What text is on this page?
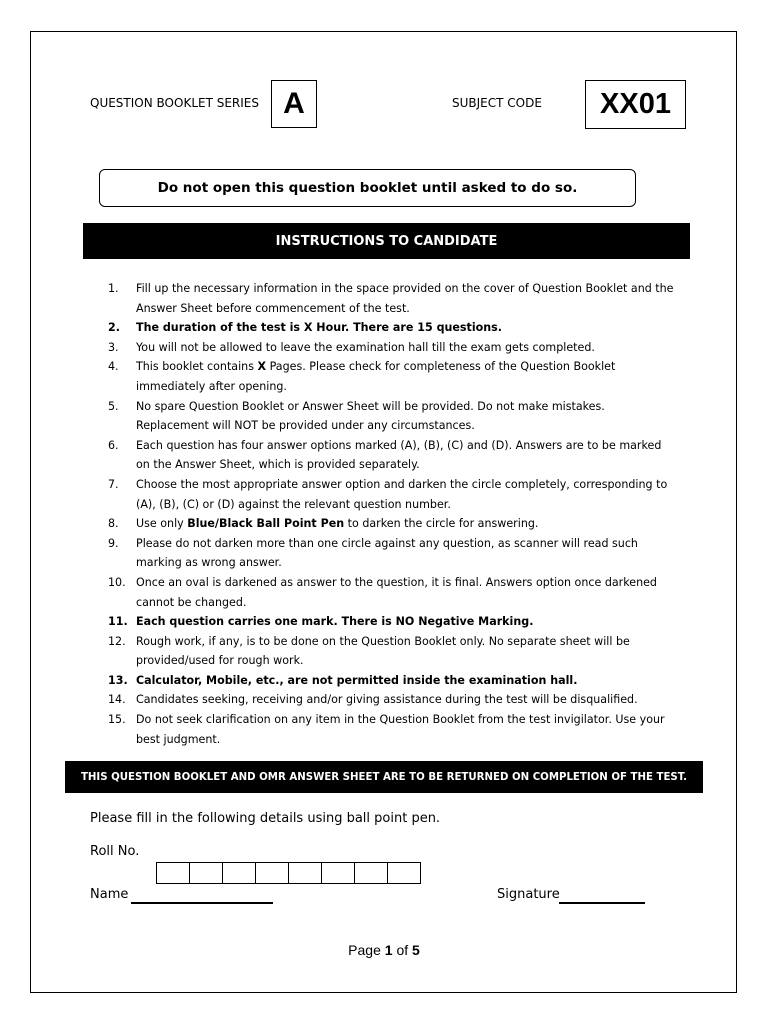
QUESTION BOOKLET SERIES A	SUBJECT CODE	XX01
Do not open this question booklet until asked to do so.
INSTRUCTIONS TO CANDIDATE
1.	Fill up the necessary information in the space provided on the cover of Question Booklet and the Answer Sheet before commencement of the test.
2.	The duration of the test is X Hour. There are 15 questions.
3.	You will not be allowed to leave the examination hall till the exam gets completed.
4.	This booklet contains X Pages. Please check for completeness of the Question Booklet immediately after opening.
5.	No spare Question Booklet or Answer Sheet will be provided. Do not make mistakes. Replacement will NOT be provided under any circumstances.
6.	Each question has four answer options marked (A), (B), (C) and (D). Answers are to be marked on the Answer Sheet, which is provided separately.
7.	Choose the most appropriate answer option and darken the circle completely, corresponding to (A), (B), (C) or (D) against the relevant question number.
8.	Use only Blue/Black Ball Point Pen to darken the circle for answering.
9.	Please do not darken more than one circle against any question, as scanner will read such marking as wrong answer.
10. Once an oval is darkened as answer to the question, it is final. Answers option once darkened cannot be changed.
11. Each question carries one mark. There is NO Negative Marking.
12. Rough work, if any, is to be done on the Question Booklet only. No separate sheet will be provided/used for rough work.
13. Calculator, Mobile, etc., are not permitted inside the examination hall.
14. Candidates seeking, receiving and/or giving assistance during the test will be disqualified.
15. Do not seek clarification on any item in the Question Booklet from the test invigilator. Use your best judgment.
THIS QUESTION BOOKLET AND OMR ANSWER SHEET ARE TO BE RETURNED ON COMPLETION OF THE TEST.
Please fill in the following details using ball point pen.
Roll No.
Name	Signature
Page 1 of 5
